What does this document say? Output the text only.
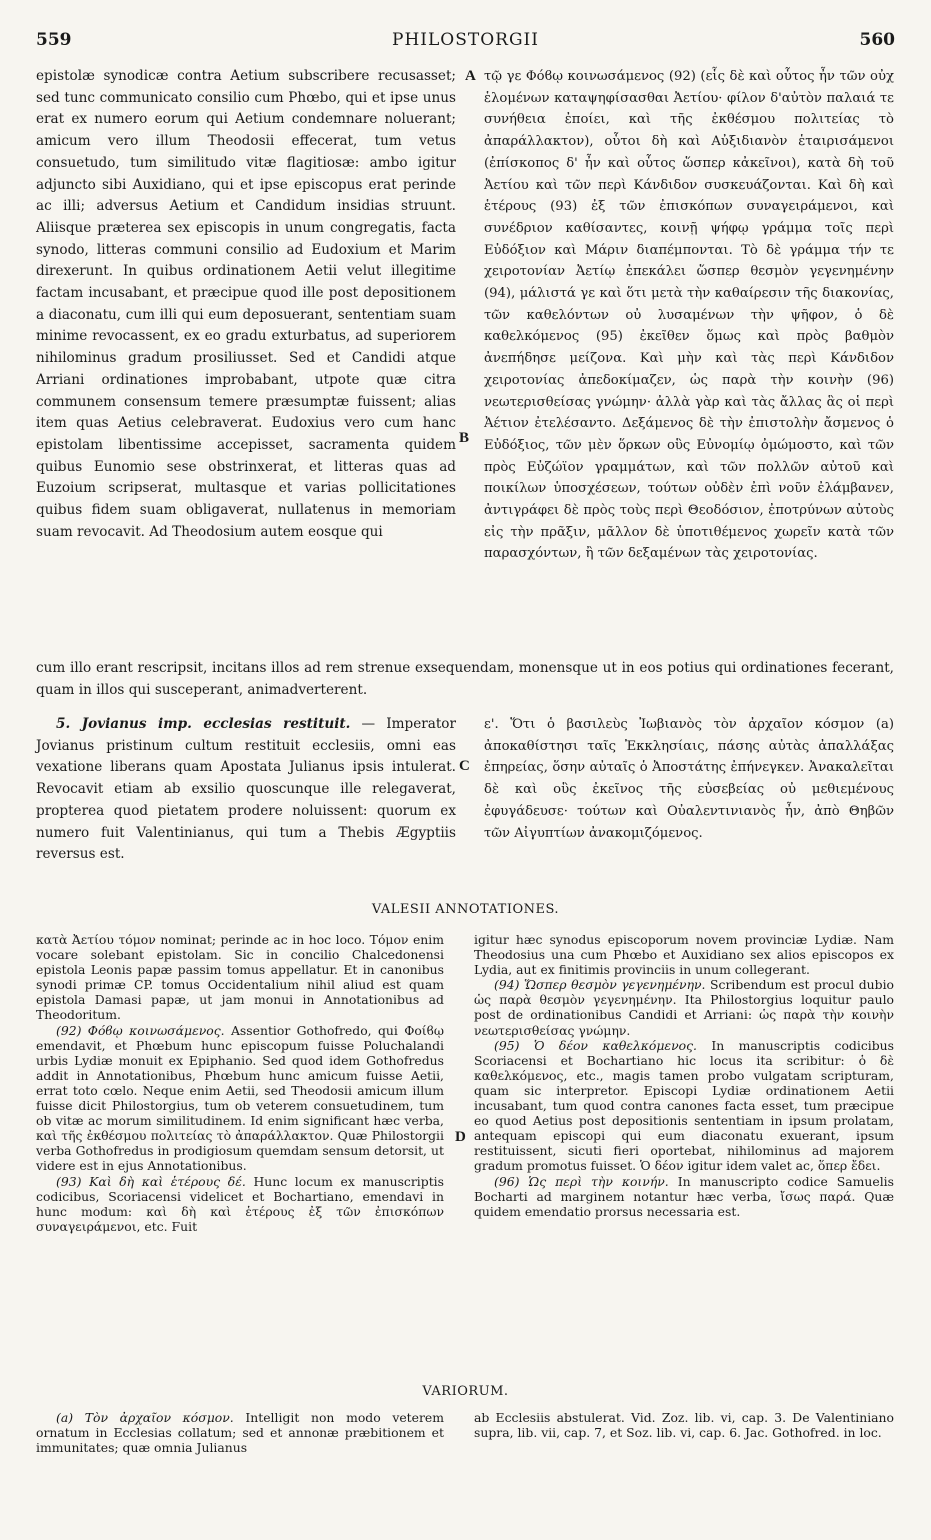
559	PHILOSTORGII	560
epistolæ synodicæ contra Aetium subscribere recusasset; sed tunc communicato consilio cum Phœbo, qui et ipse unus erat ex numero eorum qui Aetium condemnare noluerant; amicum vero illum Theodosii effecerat, tum vetus consuetudo, tum similitudo vitæ flagitiosæ: ambo igitur adjuncto sibi Auxidiano, qui et ipse episcopus erat perinde ac illi; adversus Aetium et Candidum insidias struunt. Aliisque præterea sex episcopis in unum congregatis, facta synodo, litteras communi consilio ad Eudoxium et Marim direxerunt. In quibus ordinationem Aetii velut illegitime factam incusabant, et præcipue quod ille post depositionem a diaconatu, cum illi qui eum deposuerant, sententiam suam minime revocassent, ex eo gradu exturbatus, ad superiorem nihilominus gradum prosiliusset. Sed et Candidi atque Arriani ordinationes improbabant, utpote quæ citra communem consensum temere præsumptæ fuissent; alias item quas Aetius celebraverat. Eudoxius vero cum hanc epistolam libentissime accepisset, sacramenta quidem quibus Eunomio sese obstrinxerat, et litteras quas ad Euzoium scripserat, multasque et varias pollicitationes quibus fidem suam obligaverat, nullatenus in memoriam suam revocavit. Ad Theodosium autem eosque qui
τῷ γε Φόϐῳ κοινωσάμενος (92) (εἷς δὲ καὶ οὗτος ἦν τῶν οὐχ ἑλομένων καταψηφίσασθαι Ἀετίου· φίλον δ'αὐτὸν παλαιά τε συνήθεια ἐποίει, καὶ τῆς ἐκθέσμου πολιτείας τὸ ἀπαράλλακτον), οὗτοι δὴ καὶ Αὐξιδιανὸν ἑταιρισάμενοι (ἐπίσκοπος δ' ἦν καὶ οὗτος ὥσπερ κἀκεῖνοι), κατὰ δὴ τοῦ Ἀετίου καὶ τῶν περὶ Κάνδιδον συσκευάζονται. Καὶ δὴ καὶ ἑτέρους (93) ἐξ τῶν ἐπισκόπων συναγειράμενοι, καὶ συνέδριον καθίσαντες, κοινῇ ψήφῳ γράμμα τοῖς περὶ Εὐδόξιον καὶ Μάριν διαπέμπονται. Τὸ δὲ γράμμα τήν τε χειροτονίαν Ἀετίῳ ἐπεκάλει ὥσπερ θεσμὸν γεγενημένην (94), μάλιστά γε καὶ ὅτι μετὰ τὴν καθαίρεσιν τῆς διακονίας, τῶν καθελόντων οὐ λυσαμένων τὴν ψῆφον, ὁ δὲ καθελκόμενος (95) ἐκεῖθεν ὅμως καὶ πρὸς βαθμὸν ἀνεπήδησε μείζονα. Καὶ μὴν καὶ τὰς περὶ Κάνδιδον χειροτονίας ἀπεδοκίμαζεν, ὡς παρὰ τὴν κοινὴν (96) νεωτερισθείσας γνώμην· ἀλλὰ γὰρ καὶ τὰς ἄλλας ἃς οἱ περὶ Ἀέτιον ἐτελέσαντο. Δεξάμενος δὲ τὴν ἐπιστολὴν ἄσμενος ὁ Εὐδόξιος, τῶν μὲν ὅρκων οὓς Εὐνομίῳ ὀμώμοστο, καὶ τῶν πρὸς Εὐζώϊον γραμμάτων, καὶ τῶν πολλῶν αὐτοῦ καὶ ποικίλων ὑποσχέσεων, τούτων οὐδὲν ἐπὶ νοῦν ἐλάμβανεν, ἀντιγράφει δὲ πρὸς τοὺς περὶ Θεοδόσιον, ἐποτρύνων αὐτοὺς εἰς τὴν πρᾶξιν, μᾶλλον δὲ ὑποτιθέμενος χωρεῖν κατὰ τῶν παρασχόντων, ἢ τῶν δεξαμένων τὰς χειροτονίας.
A
B
C
D
cum illo erant rescripsit, incitans illos ad rem strenue exsequendam, monensque ut in eos potius qui ordinationes fecerant, quam in illos qui susceperant, animadverterent.

5. Jovianus imp. ecclesias restituit. — Imperator Jovianus pristinum cultum restituit ecclesiis, omni eas vexatione liberans quam Apostata Julianus ipsis intulerat. Revocavit etiam ab exsilio quoscunque ille relegaverat, propterea quod pietatem prodere noluissent: quorum ex numero fuit Valentinianus, qui tum a Thebis Ægyptiis reversus est.

ε'. Ὅτι ὁ βασιλεὺς Ἰωβιανὸς τὸν ἀρχαῖον κόσμον (a) ἀποκαθίστησι ταῖς Ἐκκλησίαις, πάσης αὐτὰς ἀπαλλάξας ἐπηρείας, ὅσην αὐταῖς ὁ Ἀποστάτης ἐπήνεγκεν. Ἀνακαλεῖται δὲ καὶ οὓς ἐκεῖνος τῆς εὐσεβείας οὐ μεθιεμένους ἐφυγάδευσε· τούτων καὶ Οὐαλεντινιανὸς ἦν, ἀπὸ Θηβῶν τῶν Αἰγυπτίων ἀνακομιζόμενος.
VALESII ANNOTATIONES.

κατὰ Ἀετίου τόμον nominat; perinde ac in hoc loco. Τόμον enim vocare solebant epistolam. Sic in concilio Chalcedonensi epistola Leonis papæ passim tomus appellatur. Et in canonibus synodi primæ CP. tomus Occidentalium nihil aliud est quam epistola Damasi papæ, ut jam monui in Annotationibus ad Theodoritum.

(92) Φόϐῳ κοινωσάμενος. Assentior Gothofredo, qui Φοίϐῳ emendavit, et Phœbum hunc episcopum fuisse Poluchalandi urbis Lydiæ monuit ex Epiphanio. Sed quod idem Gothofredus addit in Annotationibus, Phœbum hunc amicum fuisse Aetii, errat toto cœlo. Neque enim Aetii, sed Theodosii amicum illum fuisse dicit Philostorgius, tum ob veterem consuetudinem, tum ob vitæ ac morum similitudinem. Id enim significant hæc verba, καὶ τῆς ἐκθέσμου πολιτείας τὸ ἀπαράλλακτον. Quæ Philostorgii verba Gothofredus in prodigiosum quemdam sensum detorsit, ut videre est in ejus Annotationibus.

(93) Καὶ δὴ καὶ ἑτέρους δέ. Hunc locum ex manuscriptis codicibus, Scoriacensi videlicet et Bochartiano, emendavi in hunc modum: καὶ δὴ καὶ ἑτέρους ἐξ τῶν ἐπισκόπων συναγειράμενοι, etc. Fuit

igitur hæc synodus episcoporum novem provinciæ Lydiæ. Nam Theodosius una cum Phœbo et Auxidiano sex alios episcopos ex Lydia, aut ex finitimis provinciis in unum collegerant.

(94) Ὥσπερ θεσμὸν γεγενημένην. Scribendum est procul dubio ὡς παρὰ θεσμὸν γεγενημένην. Ita Philostorgius loquitur paulo post de ordinationibus Candidi et Arriani: ὡς παρὰ τὴν κοινὴν νεωτερισθείσας γνώμην.

(95) Ὁ δέον καθελκόμενος. In manuscriptis codicibus Scoriacensi et Bochartiano hic locus ita scribitur: ὁ δὲ καθελκόμενος, etc., magis tamen probo vulgatam scripturam, quam sic interpretor. Episcopi Lydiæ ordinationem Aetii incusabant, tum quod contra canones facta esset, tum præcipue eo quod Aetius post depositionis sententiam in ipsum prolatam, antequam episcopi qui eum diaconatu exuerant, ipsum restituissent, sicuti fieri oportebat, nihilominus ad majorem gradum promotus fuisset. Ὁ δέον igitur idem valet ac, ὅπερ ἔδει.

(96) Ὡς περὶ τὴν κοινήν. In manuscripto codice Samuelis Bocharti ad marginem notantur hæc verba, ἴσως παρά. Quæ quidem emendatio prorsus necessaria est.

VARIORUM.

(a) Τὸν ἀρχαῖον κόσμον. Intelligit non modo veterem ornatum in Ecclesias collatum; sed et annonæ præbitionem et immunitates; quæ omnia Julianus

ab Ecclesiis abstulerat. Vid. Zoz. lib. vi, cap. 3. De Valentiniano supra, lib. vii, cap. 7, et Soz. lib. vi, cap. 6. Jac. Gothofred. in loc.
